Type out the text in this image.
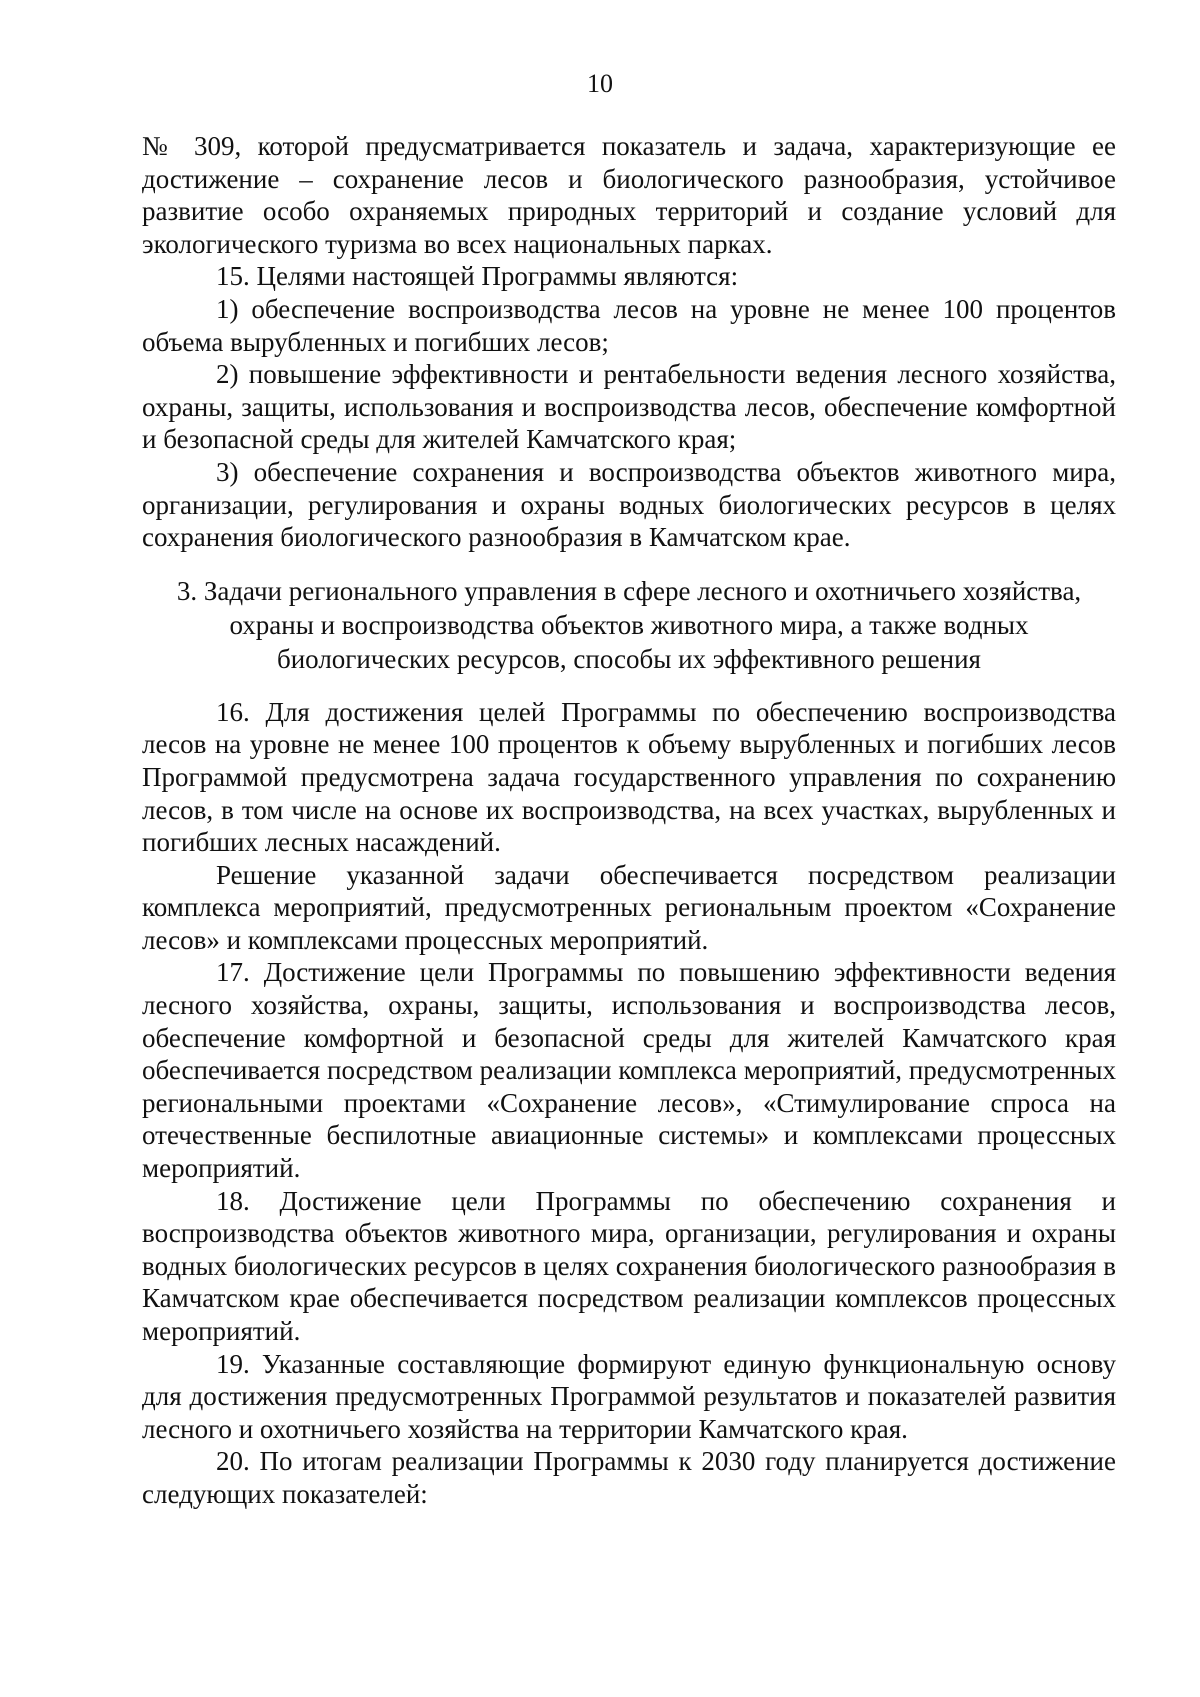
10

№ 309, которой предусматривается показатель и задача, характеризующие ее достижение – сохранение лесов и биологического разнообразия, устойчивое развитие особо охраняемых природных территорий и создание условий для экологического туризма во всех национальных парках.

15. Целями настоящей Программы являются:

1) обеспечение воспроизводства лесов на уровне не менее 100 процентов объема вырубленных и погибших лесов;

2) повышение эффективности и рентабельности ведения лесного хозяйства, охраны, защиты, использования и воспроизводства лесов, обеспечение комфортной и безопасной среды для жителей Камчатского края;

3) обеспечение сохранения и воспроизводства объектов животного мира, организации, регулирования и охраны водных биологических ресурсов в целях сохранения биологического разнообразия в Камчатском крае.

3. Задачи регионального управления в сфере лесного и охотничьего хозяйства,
охраны и воспроизводства объектов животного мира, а также водных
биологических ресурсов, способы их эффективного решения

16. Для достижения целей Программы по обеспечению воспроизводства лесов на уровне не менее 100 процентов к объему вырубленных и погибших лесов Программой предусмотрена задача государственного управления по сохранению лесов, в том числе на основе их воспроизводства, на всех участках, вырубленных и погибших лесных насаждений.

Решение указанной задачи обеспечивается посредством реализации комплекса мероприятий, предусмотренных региональным проектом «Сохранение лесов» и комплексами процессных мероприятий.

17. Достижение цели Программы по повышению эффективности ведения лесного хозяйства, охраны, защиты, использования и воспроизводства лесов, обеспечение комфортной и безопасной среды для жителей Камчатского края обеспечивается посредством реализации комплекса мероприятий, предусмотренных региональными проектами «Сохранение лесов», «Стимулирование спроса на отечественные беспилотные авиационные системы» и комплексами процессных мероприятий.

18. Достижение цели Программы по обеспечению сохранения и воспроизводства объектов животного мира, организации, регулирования и охраны водных биологических ресурсов в целях сохранения биологического разнообразия в Камчатском крае обеспечивается посредством реализации комплексов процессных мероприятий.

19. Указанные составляющие формируют единую функциональную основу для достижения предусмотренных Программой результатов и показателей развития лесного и охотничьего хозяйства на территории Камчатского края.

20. По итогам реализации Программы к 2030 году планируется достижение следующих показателей:
